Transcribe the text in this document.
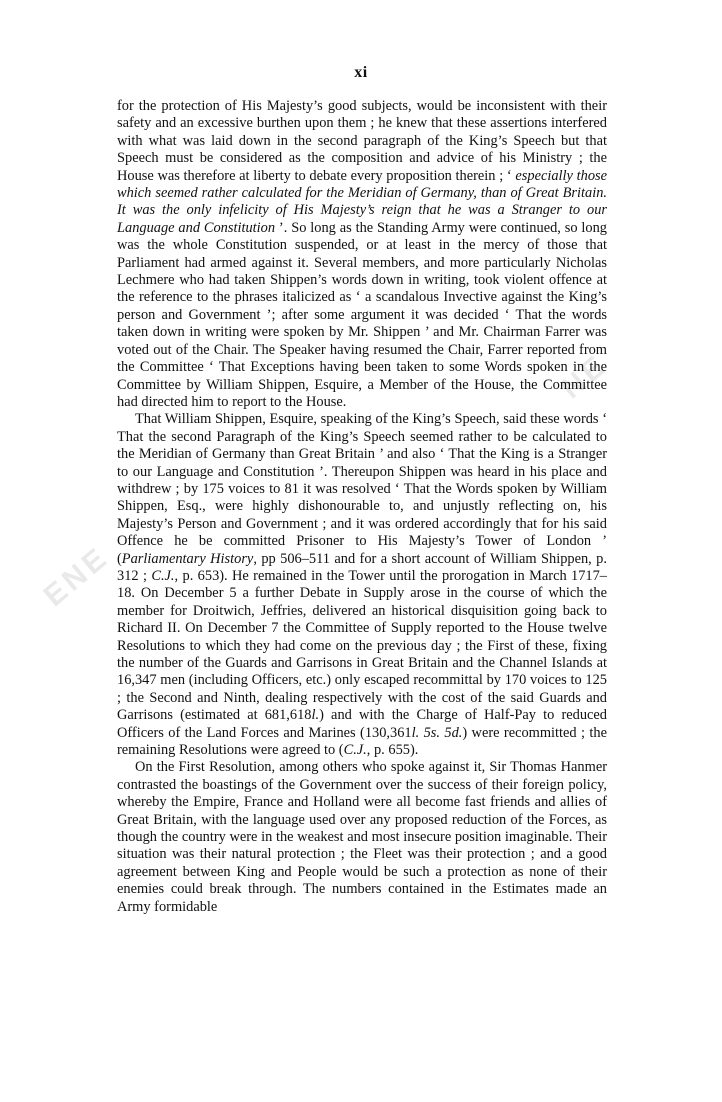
ENE
NE
xi

for the protection of His Majesty’s good subjects, would be inconsistent with their safety and an excessive burthen upon them ; he knew that these assertions interfered with what was laid down in the second paragraph of the King’s Speech but that Speech must be considered as the composition and advice of his Ministry ; the House was therefore at liberty to debate every proposition therein ; ‘ especially those which seemed rather calculated for the Meridian of Germany, than of Great Britain. It was the only infelicity of His Majesty’s reign that he was a Stranger to our Language and Constitution ’. So long as the Standing Army were continued, so long was the whole Constitution suspended, or at least in the mercy of those that Parliament had armed against it. Several members, and more particularly Nicholas Lechmere who had taken Shippen’s words down in writing, took violent offence at the reference to the phrases italicized as ‘ a scandalous Invective against the King’s person and Government ’; after some argument it was decided ‘ That the words taken down in writing were spoken by Mr. Shippen ’ and Mr. Chairman Farrer was voted out of the Chair. The Speaker having resumed the Chair, Farrer reported from the Committee ‘ That Exceptions having been taken to some Words spoken in the Committee by William Shippen, Esquire, a Member of the House, the Committee had directed him to report to the House.

That William Shippen, Esquire, speaking of the King’s Speech, said these words ‘ That the second Paragraph of the King’s Speech seemed rather to be calculated to the Meridian of Germany than Great Britain ’ and also ‘ That the King is a Stranger to our Language and Constitution ’. Thereupon Shippen was heard in his place and withdrew ; by 175 voices to 81 it was resolved ‘ That the Words spoken by William Shippen, Esq., were highly dishonourable to, and unjustly reflecting on, his Majesty’s Person and Government ; and it was ordered accordingly that for his said Offence he be committed Prisoner to His Majesty’s Tower of London ’ (Parliamentary History, pp 506–511 and for a short account of William Shippen, p. 312 ; C.J., p. 653). He remained in the Tower until the prorogation in March 1717–18. On December 5 a further Debate in Supply arose in the course of which the member for Droitwich, Jeffries, delivered an historical disquisition going back to Richard II. On December 7 the Committee of Supply reported to the House twelve Resolutions to which they had come on the previous day ; the First of these, fixing the number of the Guards and Garrisons in Great Britain and the Channel Islands at 16,347 men (including Officers, etc.) only escaped recommittal by 170 voices to 125 ; the Second and Ninth, dealing respectively with the cost of the said Guards and Garrisons (estimated at 681,618l.) and with the Charge of Half-Pay to reduced Officers of the Land Forces and Marines (130,361l. 5s. 5d.) were recommitted ; the remaining Resolutions were agreed to (C.J., p. 655).

On the First Resolution, among others who spoke against it, Sir Thomas Hanmer contrasted the boastings of the Government over the success of their foreign policy, whereby the Empire, France and Holland were all become fast friends and allies of Great Britain, with the language used over any proposed reduction of the Forces, as though the country were in the weakest and most insecure position imaginable. Their situation was their natural protection ; the Fleet was their protection ; and a good agreement between King and People would be such a protection as none of their enemies could break through. The numbers contained in the Estimates made an Army formidable
